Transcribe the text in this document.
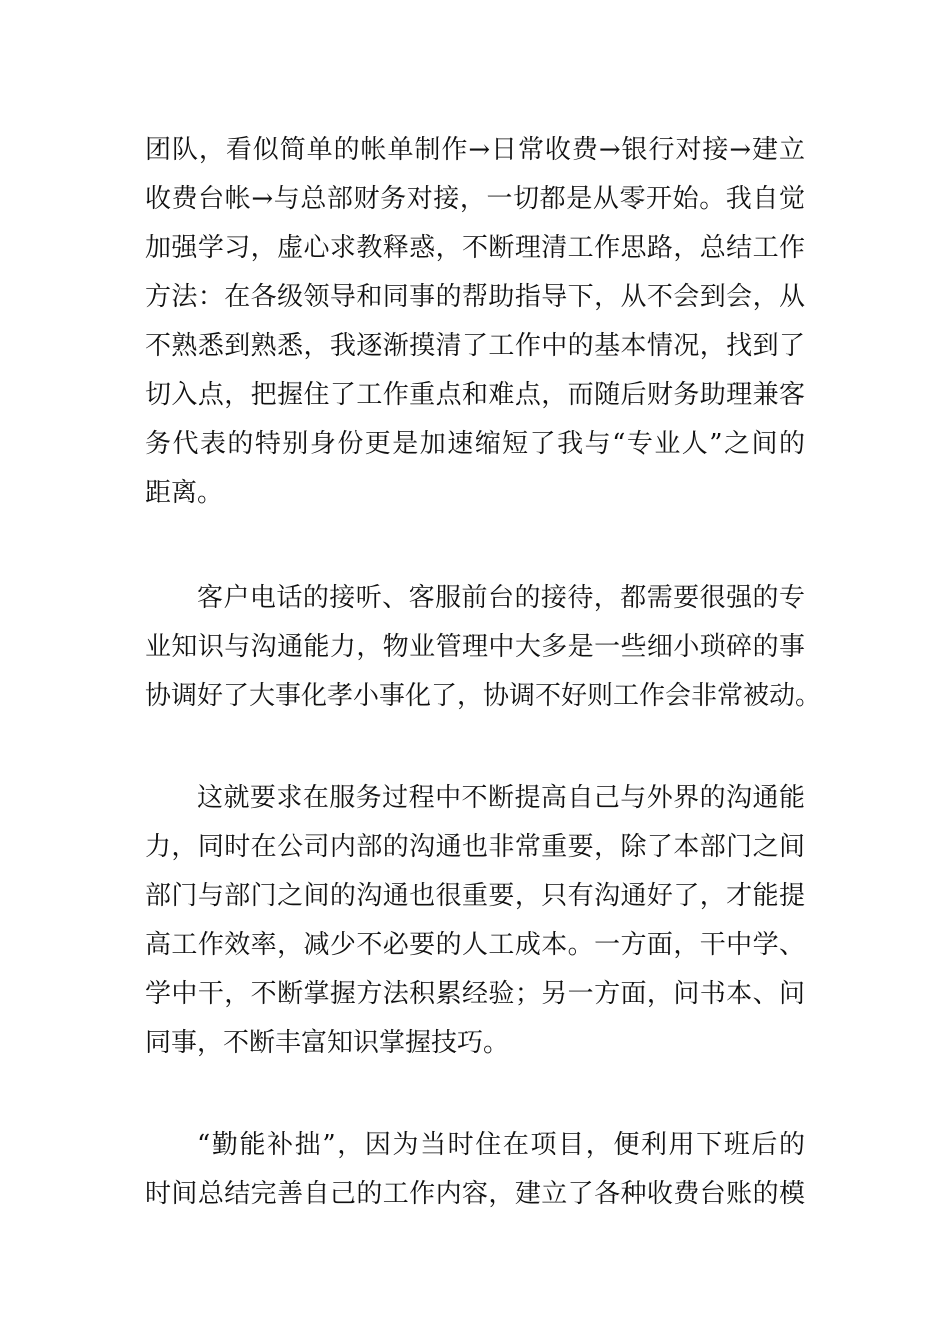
团队，看似简单的帐单制作→日常收费→银行对接→建立
收费台帐→与总部财务对接，一切都是从零开始。我自觉
加强学习，虚心求教释惑，不断理清工作思路，总结工作
方法：在各级领导和同事的帮助指导下，从不会到会，从
不熟悉到熟悉，我逐渐摸清了工作中的基本情况，找到了
切入点，把握住了工作重点和难点，而随后财务助理兼客
务代表的特别身份更是加速缩短了我与“专业人”之间的
距离。
客户电话的接听、客服前台的接待，都需要很强的专
业知识与沟通能力，物业管理中大多是一些细小琐碎的事
协调好了大事化孝小事化了，协调不好则工作会非常被动。
这就要求在服务过程中不断提高自己与外界的沟通能
力，同时在公司内部的沟通也非常重要，除了本部门之间
部门与部门之间的沟通也很重要，只有沟通好了，才能提
高工作效率，减少不必要的人工成本。一方面，干中学、
学中干，不断掌握方法积累经验；另一方面，问书本、问
同事，不断丰富知识掌握技巧。
“勤能补拙”，因为当时住在项目，便利用下班后的
时间总结完善自己的工作内容，建立了各种收费台账的模
